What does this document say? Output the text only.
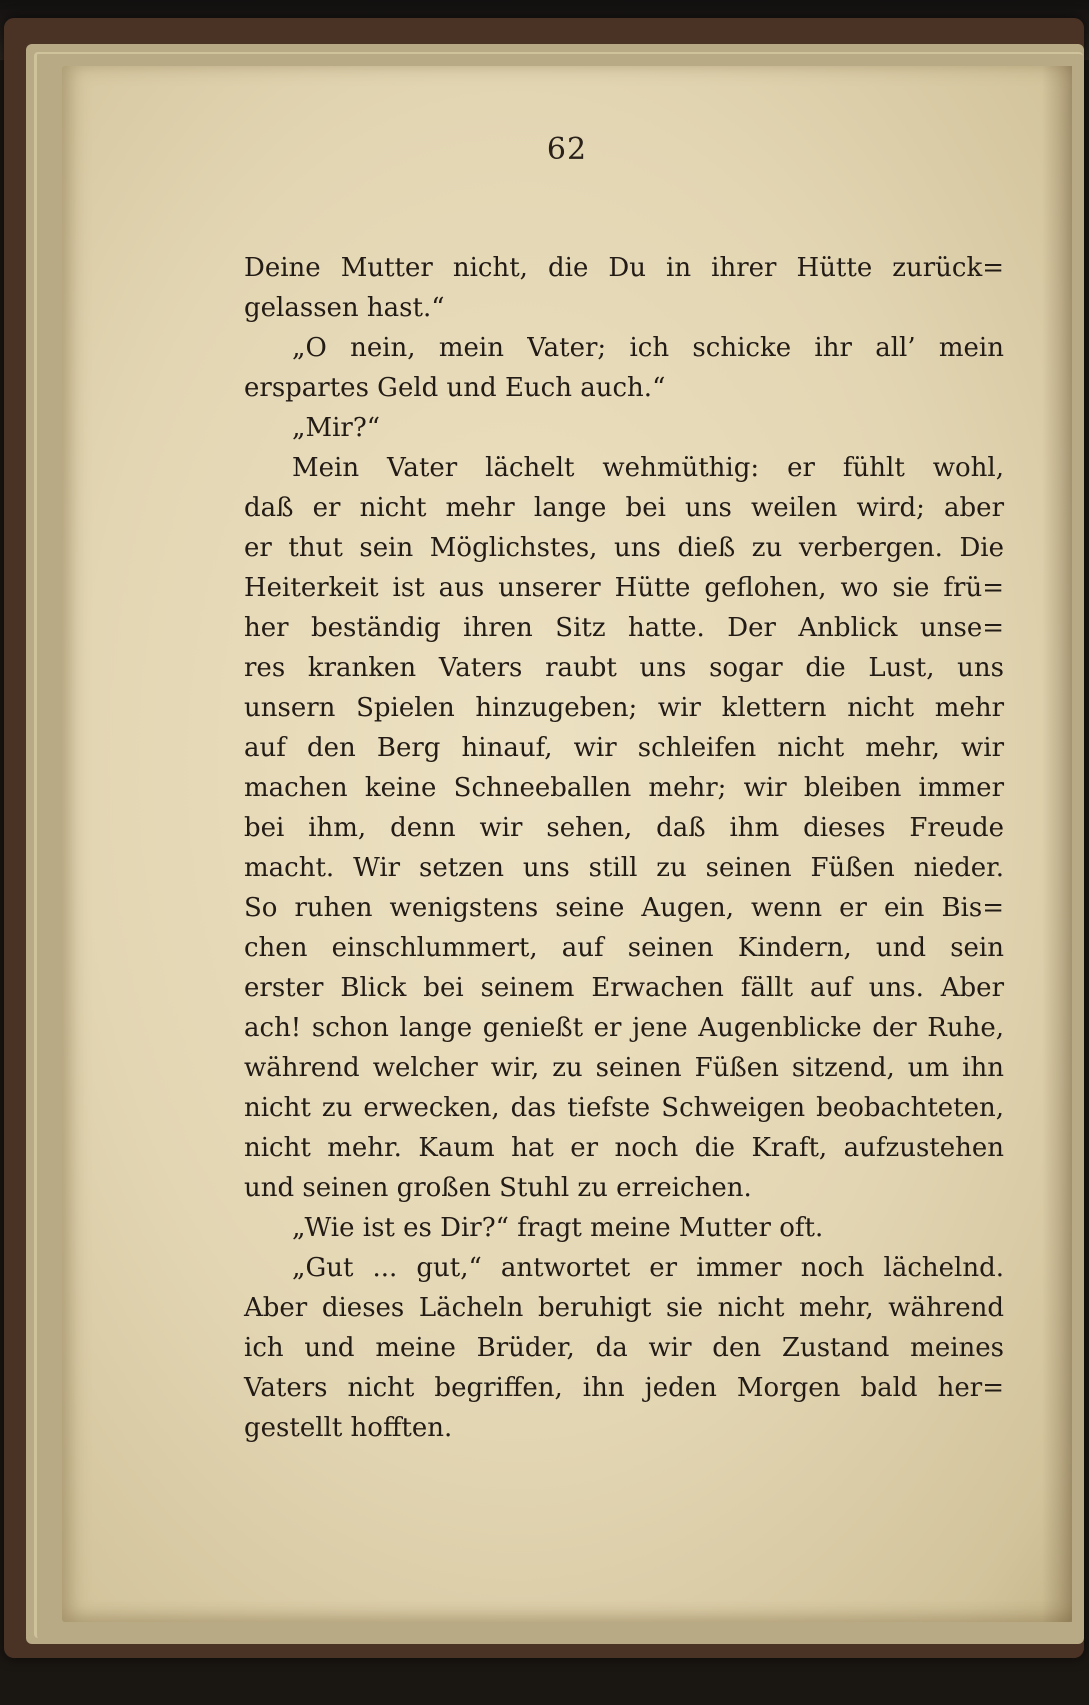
62
Deine Mutter nicht, die Du in ihrer Hütte zurück=
gelassen hast.“
„O nein, mein Vater; ich schicke ihr all’ mein
erspartes Geld und Euch auch.“
„Mir?“
Mein Vater lächelt wehmüthig: er fühlt wohl,
daß er nicht mehr lange bei uns weilen wird; aber
er thut sein Möglichstes, uns dieß zu verbergen. Die
Heiterkeit ist aus unserer Hütte geflohen, wo sie frü=
her beständig ihren Sitz hatte. Der Anblick unse=
res kranken Vaters raubt uns sogar die Lust, uns
unsern Spielen hinzugeben; wir klettern nicht mehr
auf den Berg hinauf, wir schleifen nicht mehr, wir
machen keine Schneeballen mehr; wir bleiben immer
bei ihm, denn wir sehen, daß ihm dieses Freude
macht. Wir setzen uns still zu seinen Füßen nieder.
So ruhen wenigstens seine Augen, wenn er ein Bis=
chen einschlummert, auf seinen Kindern, und sein
erster Blick bei seinem Erwachen fällt auf uns. Aber
ach! schon lange genießt er jene Augenblicke der Ruhe,
während welcher wir, zu seinen Füßen sitzend, um ihn
nicht zu erwecken, das tiefste Schweigen beobachteten,
nicht mehr. Kaum hat er noch die Kraft, aufzustehen
und seinen großen Stuhl zu erreichen.
„Wie ist es Dir?“ fragt meine Mutter oft.
„Gut ... gut,“ antwortet er immer noch lächelnd.
Aber dieses Lächeln beruhigt sie nicht mehr, während
ich und meine Brüder, da wir den Zustand meines
Vaters nicht begriffen, ihn jeden Morgen bald her=
gestellt hofften.
